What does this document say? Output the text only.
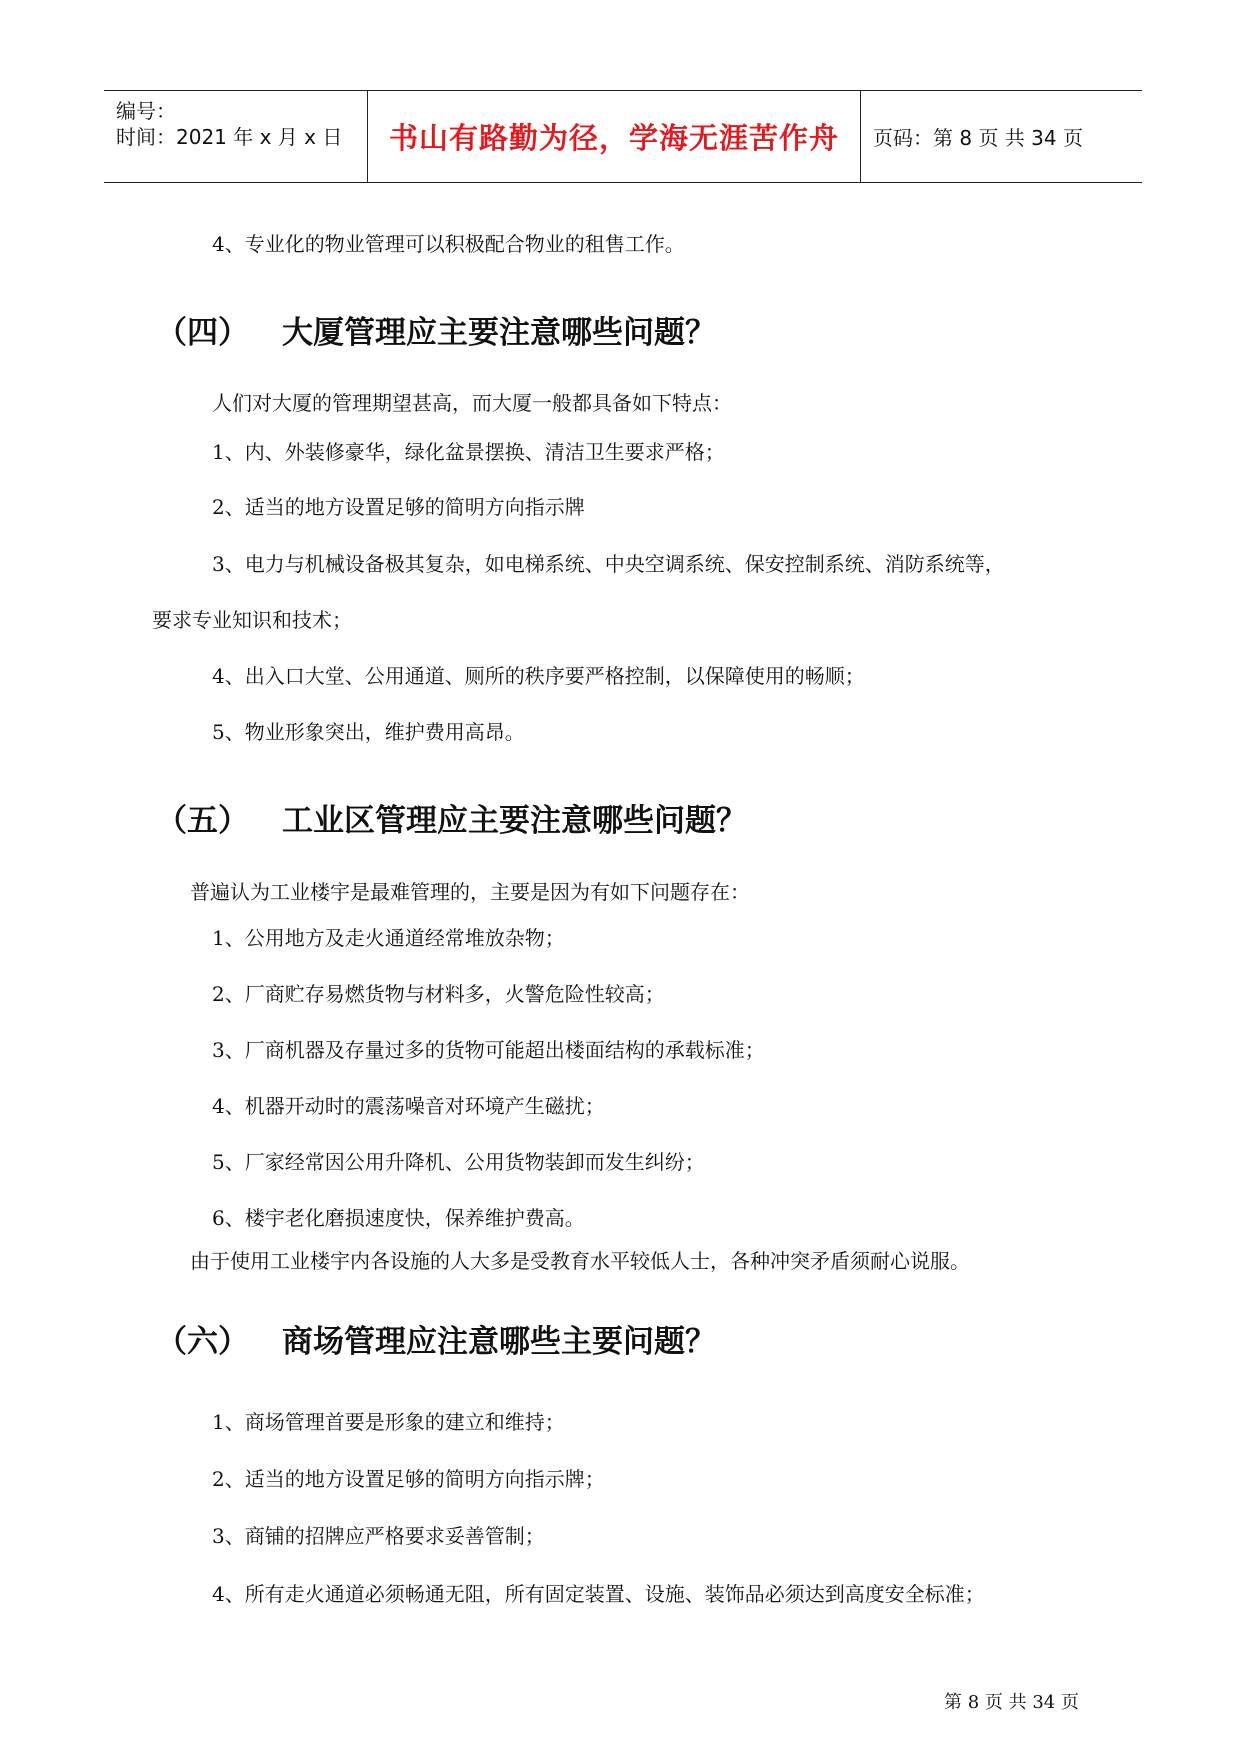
编号：
时间：2021 年 x 月 x 日 书山有路勤为径，学海无涯苦作舟 页码：第 8 页 共 34 页
4、专业化的物业管理可以积极配合物业的租售工作。
（四） 大厦管理应主要注意哪些问题？
人们对大厦的管理期望甚高，而大厦一般都具备如下特点：
1、内、外装修豪华，绿化盆景摆换、清洁卫生要求严格；
2、适当的地方设置足够的简明方向指示牌
3、电力与机械设备极其复杂，如电梯系统、中央空调系统、保安控制系统、消防系统等，
要求专业知识和技术；
4、出入口大堂、公用通道、厕所的秩序要严格控制，以保障使用的畅顺；
5、物业形象突出，维护费用高昂。
（五） 工业区管理应主要注意哪些问题？
普遍认为工业楼宇是最难管理的，主要是因为有如下问题存在：
1、公用地方及走火通道经常堆放杂物；
2、厂商贮存易燃货物与材料多，火警危险性较高；
3、厂商机器及存量过多的货物可能超出楼面结构的承载标准；
4、机器开动时的震荡噪音对环境产生磁扰；
5、厂家经常因公用升降机、公用货物装卸而发生纠纷；
6、楼宇老化磨损速度快，保养维护费高。
由于使用工业楼宇内各设施的人大多是受教育水平较低人士，各种冲突矛盾须耐心说服。
（六） 商场管理应注意哪些主要问题？
1、商场管理首要是形象的建立和维持；
2、适当的地方设置足够的简明方向指示牌；
3、商铺的招牌应严格要求妥善管制；
4、所有走火通道必须畅通无阻，所有固定装置、设施、装饰品必须达到高度安全标准；
第 8 页 共 34 页
